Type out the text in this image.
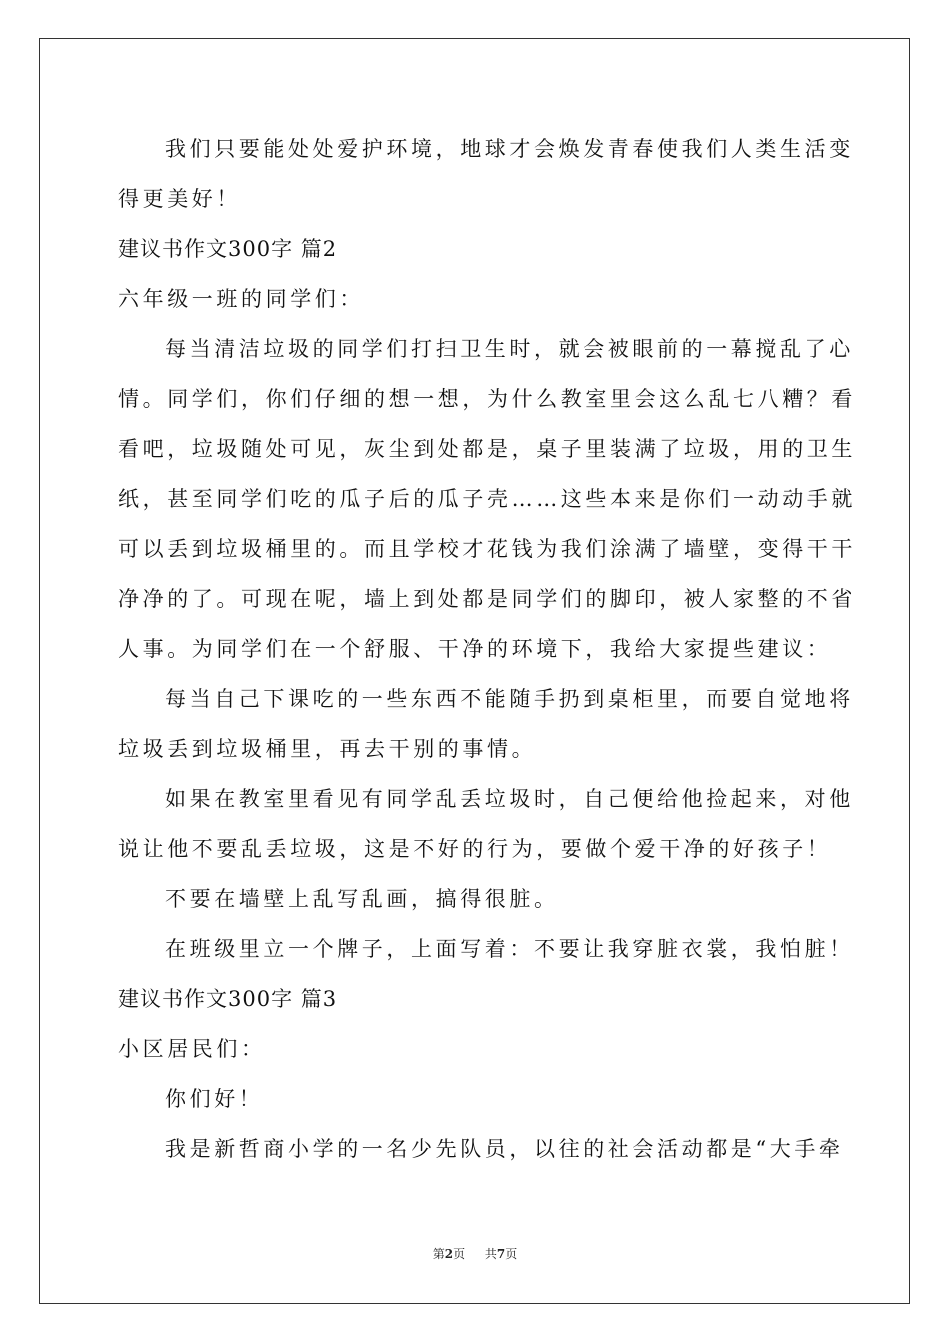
我们只要能处处爱护环境，地球才会焕发青春使我们人类生活变
得更美好！
建议书作文300字 篇2
六年级一班的同学们：
每当清洁垃圾的同学们打扫卫生时，就会被眼前的一幕搅乱了心
情。同学们，你们仔细的想一想，为什么教室里会这么乱七八糟？看
看吧，垃圾随处可见，灰尘到处都是，桌子里装满了垃圾，用的卫生
纸，甚至同学们吃的瓜子后的瓜子壳……这些本来是你们一动动手就
可以丢到垃圾桶里的。而且学校才花钱为我们涂满了墙壁，变得干干
净净的了。可现在呢，墙上到处都是同学们的脚印，被人家整的不省
人事。为同学们在一个舒服、干净的环境下，我给大家提些建议：
每当自己下课吃的一些东西不能随手扔到桌柜里，而要自觉地将
垃圾丢到垃圾桶里，再去干别的事情。
如果在教室里看见有同学乱丢垃圾时，自己便给他捡起来，对他
说让他不要乱丢垃圾，这是不好的行为，要做个爱干净的好孩子！
不要在墙壁上乱写乱画，搞得很脏。
在班级里立一个牌子，上面写着：不要让我穿脏衣裳，我怕脏！
建议书作文300字 篇3
小区居民们：
你们好！
我是新哲商小学的一名少先队员，以往的社会活动都是“大手牵
第2页 共7页
